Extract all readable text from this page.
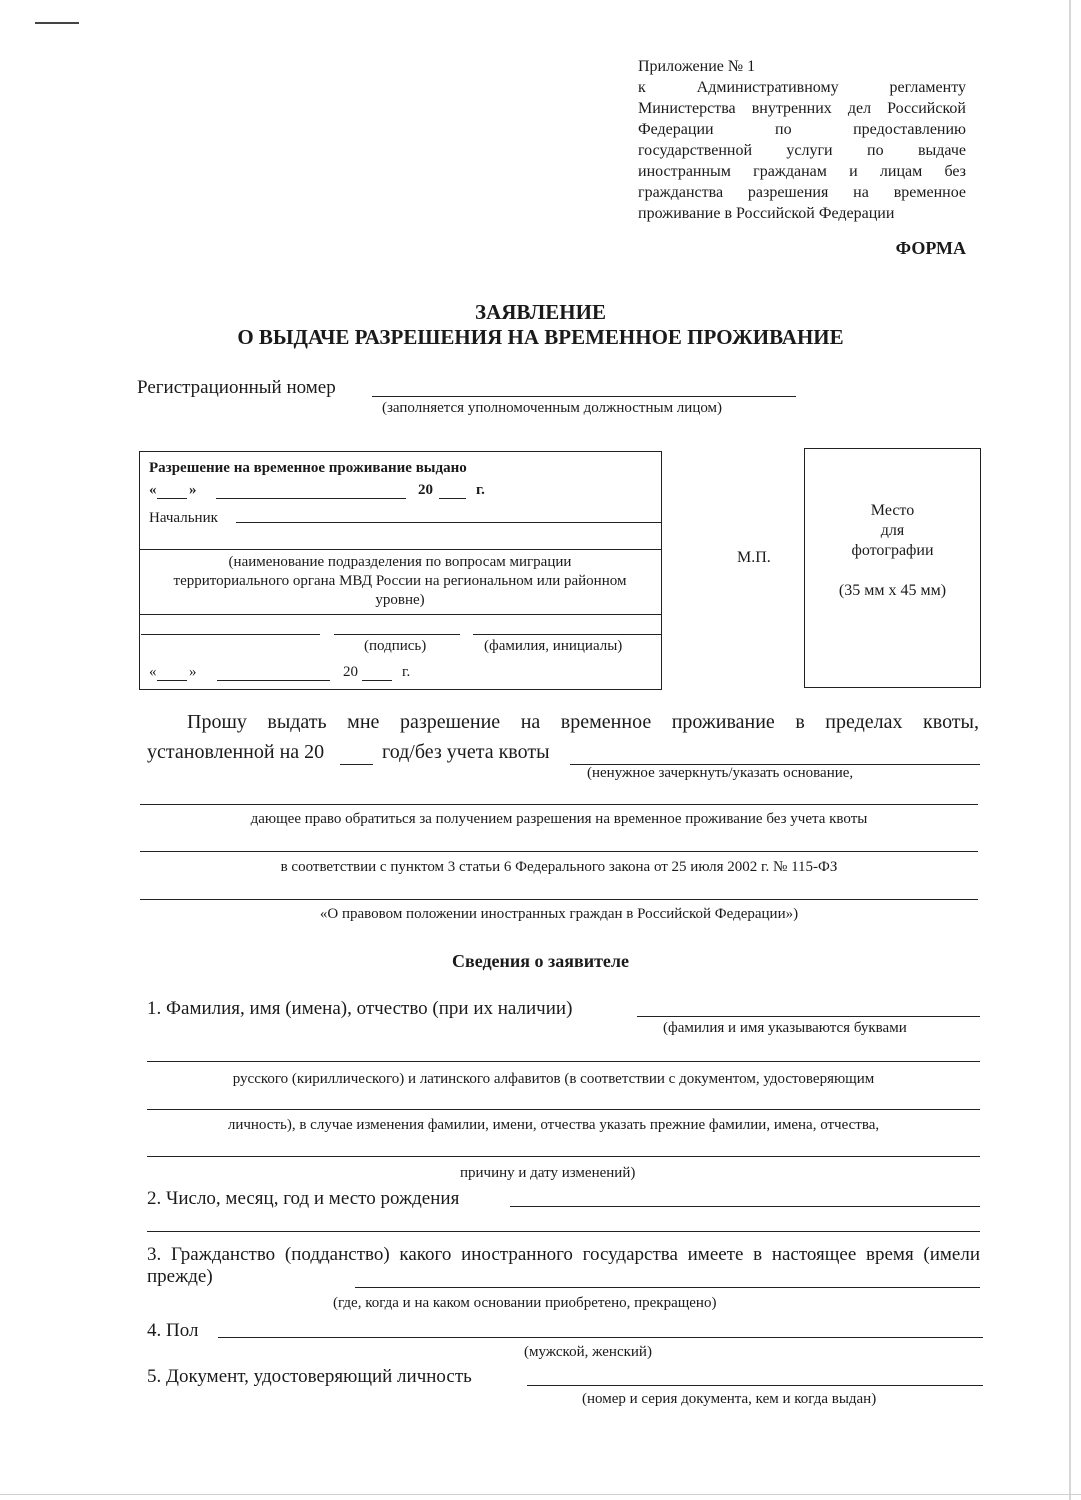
Приложение № 1
к Административному регламенту Министерства внутренних дел Российской Федерации по предоставлению государственной услуги по выдаче иностранным гражданам и лицам без гражданства разрешения на временное проживание в Российской Федерации
ФОРМА
ЗАЯВЛЕНИЕ
О ВЫДАЧЕ РАЗРЕШЕНИЯ НА ВРЕМЕННОЕ ПРОЖИВАНИЕ
Регистрационный номер
(заполняется уполномоченным должностным лицом)
Разрешение на временное проживание выдано
« »	20	г.
Начальник
(наименование подразделения по вопросам миграции территориального органа МВД России на региональном или районном уровне)
(подпись)	(фамилия, инициалы)
« »	20	г.
М.П.
Место
для
фотографии
(35 мм х 45 мм)
Прошу выдать мне разрешение на временное проживание в пределах квоты,
установленной на 20	год/без учета квоты
(ненужное зачеркнуть/указать основание,
дающее право обратиться за получением разрешения на временное проживание без учета квоты
в соответствии с пунктом 3 статьи 6 Федерального закона от 25 июля 2002 г. № 115-ФЗ
«О правовом положении иностранных граждан в Российской Федерации»)
Сведения о заявителе
1. Фамилия, имя (имена), отчество (при их наличии)
(фамилия и имя указываются буквами
русского (кириллического) и латинского алфавитов (в соответствии с документом, удостоверяющим
личность), в случае изменения фамилии, имени, отчества указать прежние фамилии, имена, отчества,
причину и дату изменений)
2. Число, месяц, год и место рождения
3. Гражданство (подданство) какого иностранного государства имеете в настоящее время (имели прежде)
(где, когда и на каком основании приобретено, прекращено)
4. Пол
(мужской, женский)
5. Документ, удостоверяющий личность
(номер и серия документа, кем и когда выдан)
